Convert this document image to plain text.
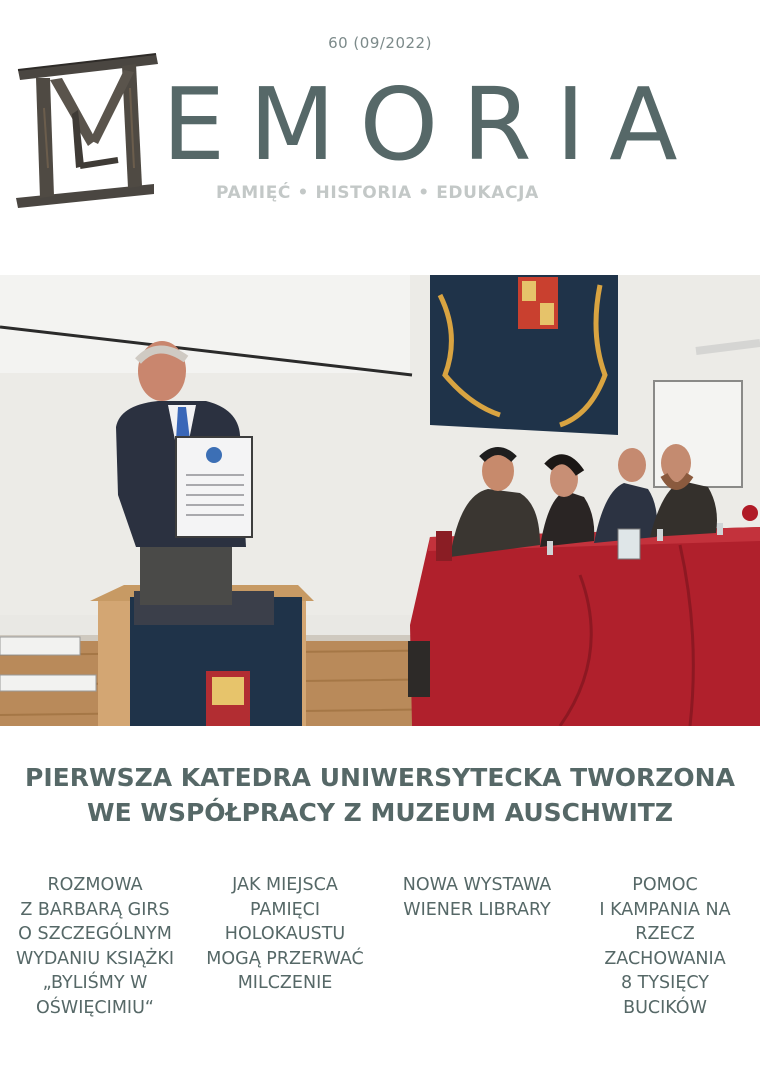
60 (09/2022)
EMORIA
PAMIĘĆ • HISTORIA • EDUKACJA
PIERWSZA KATEDRA UNIWERSYTECKA TWORZONA
WE WSPÓŁPRACY Z MUZEUM AUSCHWITZ
ROZMOWA
Z BARBARĄ GIRS
O SZCZEGÓLNYM
WYDANIU KSIĄŻKI
„BYLIŚMY W
OŚWIĘCIMIU“
JAK MIEJSCA
PAMIĘCI
HOLOKAUSTU
MOGĄ PRZERWAĆ
MILCZENIE
NOWA WYSTAWA
WIENER LIBRARY
POMOC
I KAMPANIA NA
RZECZ
ZACHOWANIA
8 TYSIĘCY
BUCIKÓW
